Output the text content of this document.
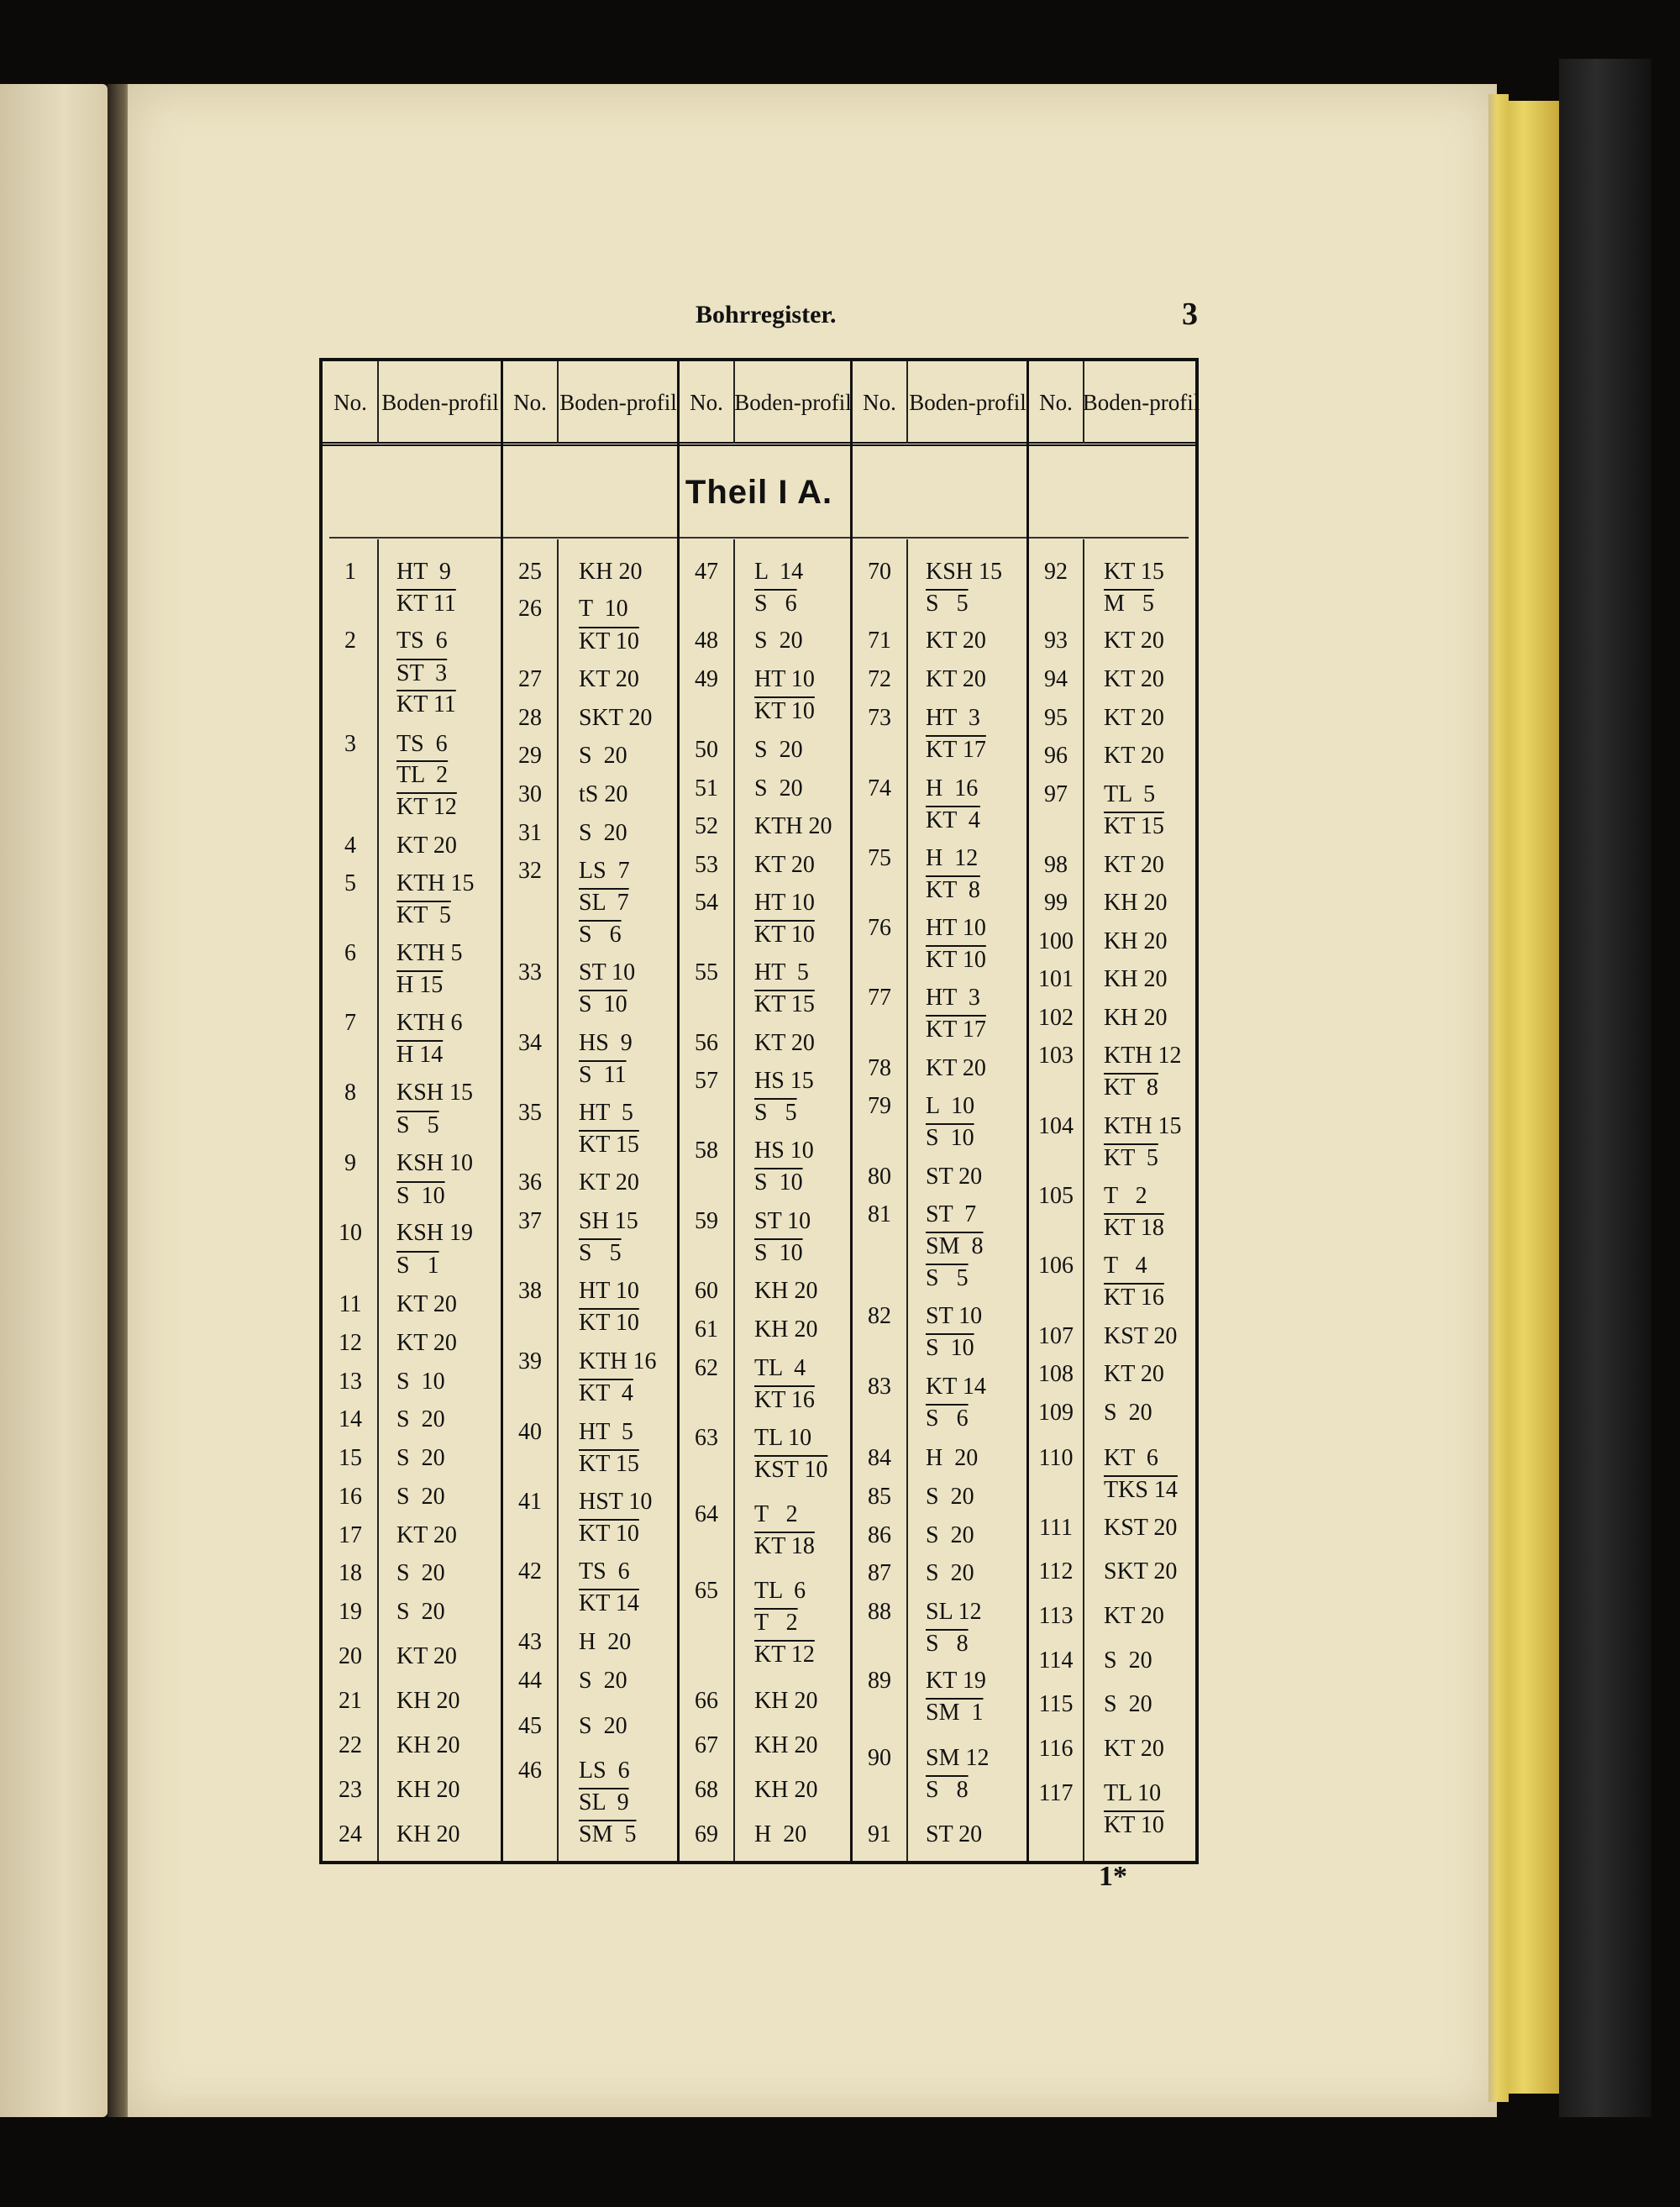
Bohrregister.	3
No. Boden- profil No. Boden- profil No. Boden- profil No. Boden- profil No. Boden- profil
Theil I A.
1
2
3
4
5
6
7
8
9
10
11
12
13
14
15
16
17
18
19
20
21
22
23
24
HT  9
KT 11
TS  6
ST  3
KT 11
TS  6
TL  2
KT 12
KT 20
KTH 15
KT  5
KTH 5
H 15
KTH 6
H 14
KSH 15
S   5
KSH 10
S  10
KSH 19
S   1
KT 20
KT 20
S  10
S  20
S  20
S  20
KT 20
S  20
S  20
KT 20
KH 20
KH 20
KH 20
KH 20
25
26
27
28
29
30
31
32
33
34
35
36
37
38
39
40
41
42
43
44
45
46
KH 20
T  10
KT 10
KT 20
SKT 20
S  20
tS 20
S  20
LS  7
SL  7
S   6
ST 10
S  10
HS  9
S  11
HT  5
KT 15
KT 20
SH 15
S   5
HT 10
KT 10
KTH 16
KT  4
HT  5
KT 15
HST 10
KT 10
TS  6
KT 14
H  20
S  20
S  20
LS  6
SL  9
SM  5
47
48
49
50
51
52
53
54
55
56
57
58
59
60
61
62
63
64
65
66
67
68
69
L  14
S   6
S  20
HT 10
KT 10
S  20
S  20
KTH 20
KT 20
HT 10
KT 10
HT  5
KT 15
KT 20
HS 15
S   5
HS 10
S  10
ST 10
S  10
KH 20
KH 20
TL  4
KT 16
TL 10
KST 10
T   2
KT 18
TL  6
T   2
KT 12
KH 20
KH 20
KH 20
H  20
70
71
72
73
74
75
76
77
78
79
80
81
82
83
84
85
86
87
88
89
90
91
KSH 15
S   5
KT 20
KT 20
HT  3
KT 17
H  16
KT  4
H  12
KT  8
HT 10
KT 10
HT  3
KT 17
KT 20
L  10
S  10
ST 20
ST  7
SM  8
S   5
ST 10
S  10
KT 14
S   6
H  20
S  20
S  20
S  20
SL 12
S   8
KT 19
SM  1
SM 12
S   8
ST 20
92
93
94
95
96
97
98
99
100
101
102
103
104
105
106
107
108
109
110
111
112
113
114
115
116
117
KT 15
M   5
KT 20
KT 20
KT 20
KT 20
TL  5
KT 15
KT 20
KH 20
KH 20
KH 20
KH 20
KTH 12
KT  8
KTH 15
KT  5
T   2
KT 18
T   4
KT 16
KST 20
KT 20
S  20
KT  6
TKS 14
KST 20
SKT 20
KT 20
S  20
S  20
KT 20
TL 10
KT 10
1*
